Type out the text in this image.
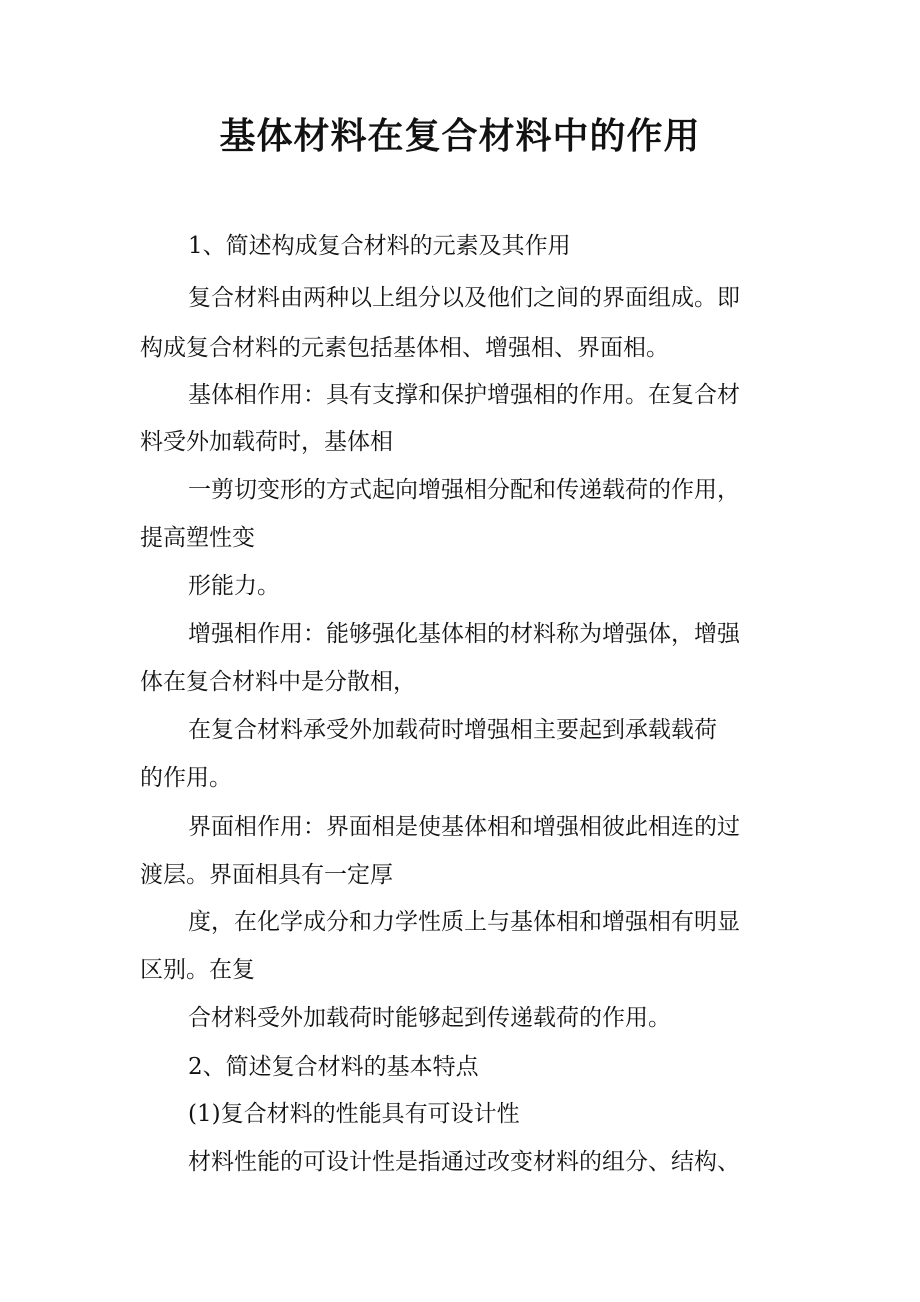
基体材料在复合材料中的作用
1、简述构成复合材料的元素及其作用
复合材料由两种以上组分以及他们之间的界面组成。即
构成复合材料的元素包括基体相、增强相、界面相。
基体相作用：具有支撑和保护增强相的作用。在复合材
料受外加载荷时，基体相
一剪切变形的方式起向增强相分配和传递载荷的作用，
提高塑性变
形能力。
增强相作用：能够强化基体相的材料称为增强体，增强
体在复合材料中是分散相，
在复合材料承受外加载荷时增强相主要起到承载载荷
的作用。
界面相作用：界面相是使基体相和增强相彼此相连的过
渡层。界面相具有一定厚
度，在化学成分和力学性质上与基体相和增强相有明显
区别。在复
合材料受外加载荷时能够起到传递载荷的作用。
2、简述复合材料的基本特点
(1)复合材料的性能具有可设计性
材料性能的可设计性是指通过改变材料的组分、结构、
